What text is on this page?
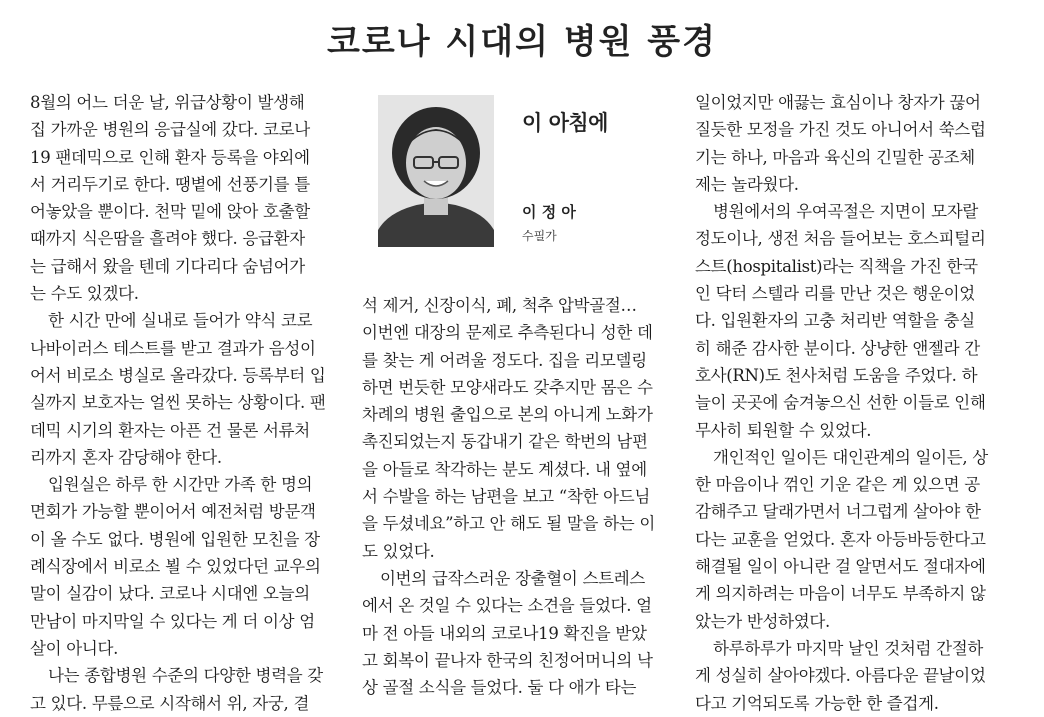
코로나 시대의 병원 풍경

8월의 어느 더운 날, 위급상황이 발생해
집 가까운 병원의 응급실에 갔다. 코로나
19 팬데믹으로 인해 환자 등록을 야외에
서 거리두기로 한다. 땡볕에 선풍기를 틀
어놓았을 뿐이다. 천막 밑에 앉아 호출할
때까지 식은땀을 흘려야 했다. 응급환자
는 급해서 왔을 텐데 기다리다 숨넘어가
는 수도 있겠다.

한 시간 만에 실내로 들어가 약식 코로
나바이러스 테스트를 받고 결과가 음성이
어서 비로소 병실로 올라갔다. 등록부터 입
실까지 보호자는 얼씬 못하는 상황이다. 팬
데믹 시기의 환자는 아픈 건 물론 서류처
리까지 혼자 감당해야 한다.

입원실은 하루 한 시간만 가족 한 명의
면회가 가능할 뿐이어서 예전처럼 방문객
이 올 수도 없다. 병원에 입원한 모친을 장
례식장에서 비로소 뵐 수 있었다던 교우의
말이 실감이 났다. 코로나 시대엔 오늘의
만남이 마지막일 수 있다는 게 더 이상 엄
살이 아니다.

나는 종합병원 수준의 다양한 병력을 갖
고 있다. 무릎으로 시작해서 위, 자궁, 결

이 아침에
이 정 아
수필가

석 제거, 신장이식, 폐, 척추 압박골절…
이번엔 대장의 문제로 추측된다니 성한 데
를 찾는 게 어려울 정도다. 집을 리모델링
하면 번듯한 모양새라도 갖추지만 몸은 수
차례의 병원 출입으로 본의 아니게 노화가
촉진되었는지 동갑내기 같은 학번의 남편
을 아들로 착각하는 분도 계셨다. 내 옆에
서 수발을 하는 남편을 보고 “착한 아드님
을 두셨네요”하고 안 해도 될 말을 하는 이
도 있었다.

이번의 급작스러운 장출혈이 스트레스
에서 온 것일 수 있다는 소견을 들었다. 얼
마 전 아들 내외의 코로나19 확진을 받았
고 회복이 끝나자 한국의 친정어머니의 낙
상 골절 소식을 들었다. 둘 다 애가 타는

일이었지만 애끓는 효심이나 창자가 끊어
질듯한 모정을 가진 것도 아니어서 쑥스럽
기는 하나, 마음과 육신의 긴밀한 공조체
제는 놀라웠다.

병원에서의 우여곡절은 지면이 모자랄
정도이나, 생전 처음 들어보는 호스피털리
스트(hospitalist)라는 직책을 가진 한국
인 닥터 스텔라 리를 만난 것은 행운이었
다. 입원환자의 고충 처리반 역할을 충실
히 해준 감사한 분이다. 상냥한 앤젤라 간
호사(RN)도 천사처럼 도움을 주었다. 하
늘이 곳곳에 숨겨놓으신 선한 이들로 인해
무사히 퇴원할 수 있었다.

개인적인 일이든 대인관계의 일이든, 상
한 마음이나 꺾인 기운 같은 게 있으면 공
감해주고 달래가면서 너그럽게 살아야 한
다는 교훈을 얻었다. 혼자 아등바등한다고
해결될 일이 아니란 걸 알면서도 절대자에
게 의지하려는 마음이 너무도 부족하지 않
았는가 반성하였다.

하루하루가 마지막 날인 것처럼 간절하
게 성실히 살아야겠다. 아름다운 끝날이었
다고 기억되도록 가능한 한 즐겁게.
